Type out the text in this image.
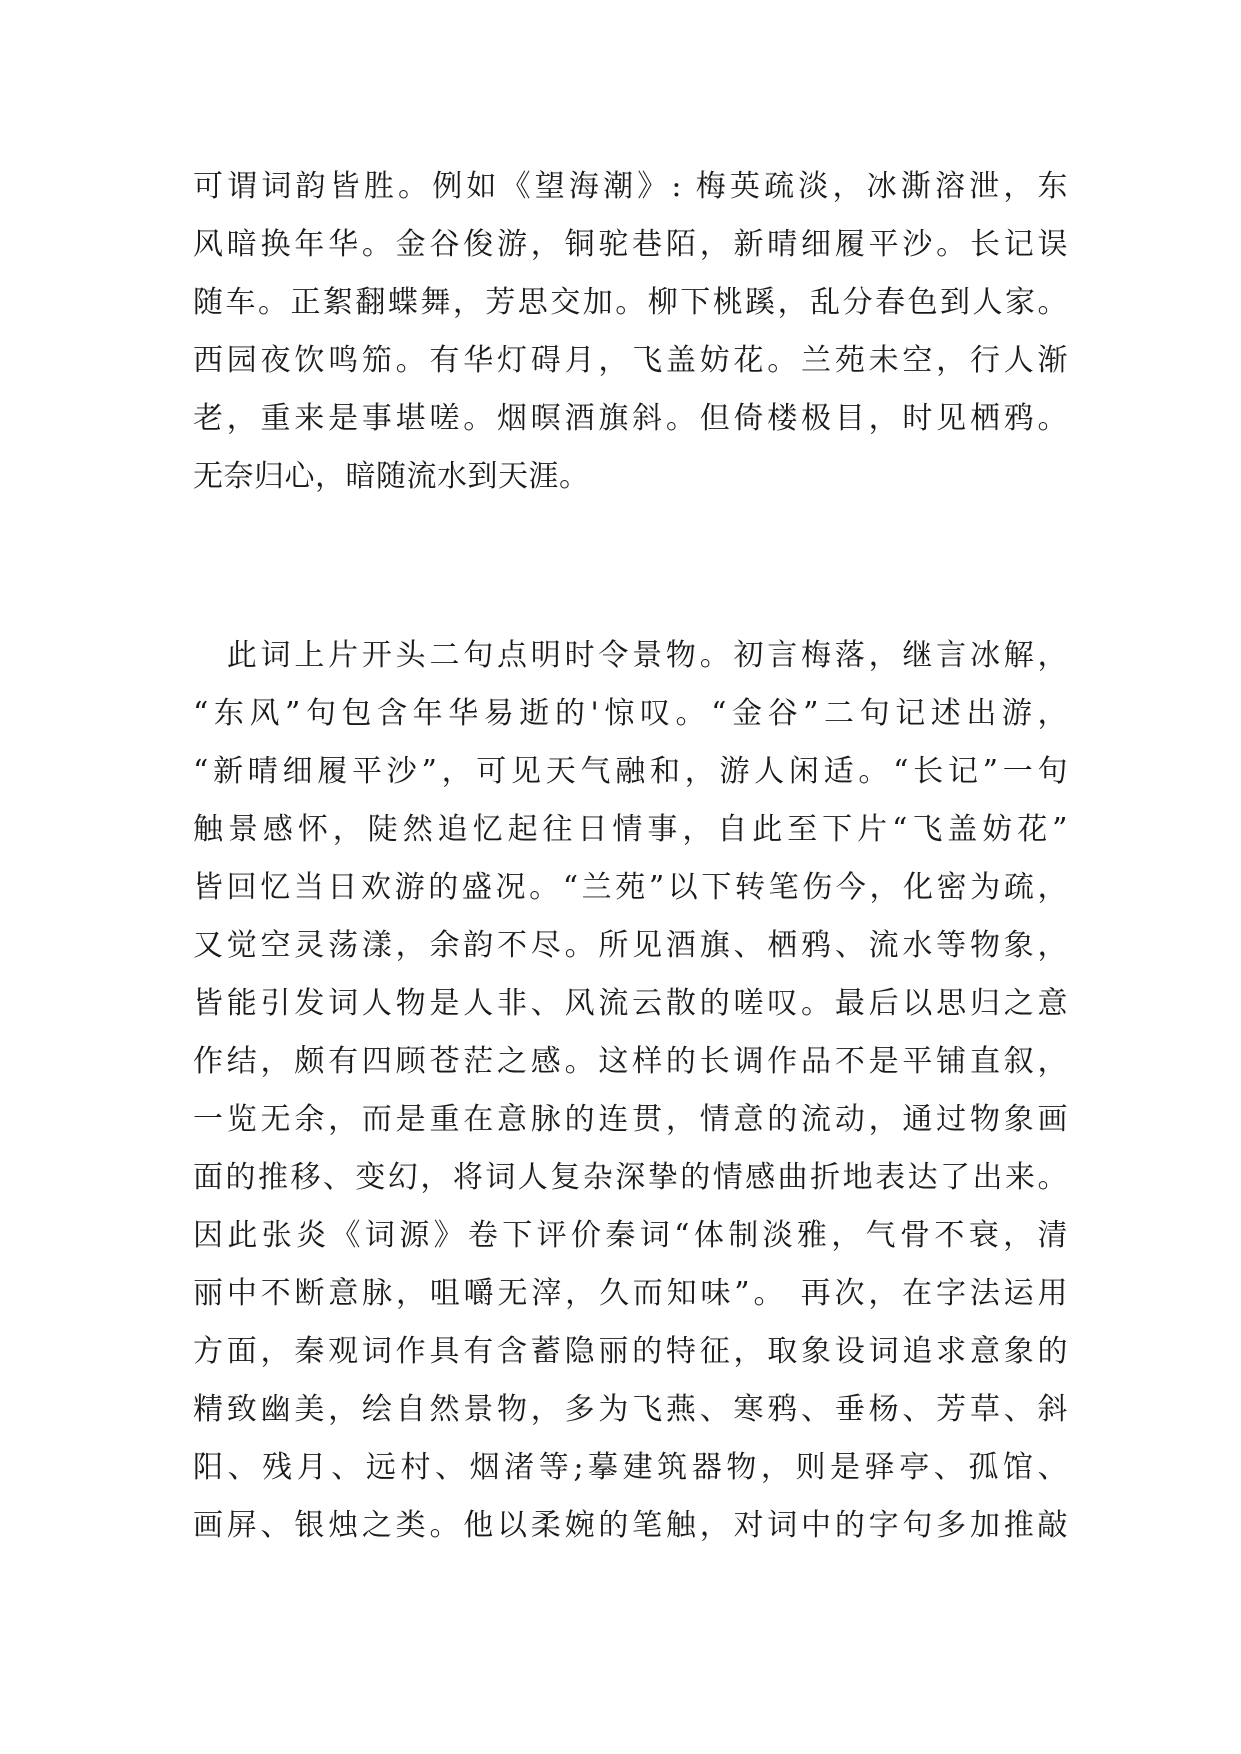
可谓词韵皆胜。例如《望海潮》: 梅英疏淡，冰澌溶泄，东
风暗换年华。金谷俊游，铜驼巷陌，新晴细履平沙。长记误
随车。正絮翻蝶舞，芳思交加。柳下桃蹊，乱分春色到人家。
西园夜饮鸣笳。有华灯碍月，飞盖妨花。兰苑未空，行人渐
老，重来是事堪嗟。烟暝酒旗斜。但倚楼极目，时见栖鸦。
无奈归心，暗随流水到天涯。
　此词上片开头二句点明时令景物。初言梅落，继言冰解，
“东风”句包含年华易逝的'惊叹。“金谷”二句记述出游，
“新晴细履平沙”，可见天气融和，游人闲适。“长记”一句
触景感怀，陡然追忆起往日情事，自此至下片“飞盖妨花”
皆回忆当日欢游的盛况。“兰苑”以下转笔伤今，化密为疏，
又觉空灵荡漾，余韵不尽。所见酒旗、栖鸦、流水等物象，
皆能引发词人物是人非、风流云散的嗟叹。最后以思归之意
作结，颇有四顾苍茫之感。这样的长调作品不是平铺直叙，
一览无余，而是重在意脉的连贯，情意的流动，通过物象画
面的推移、变幻，将词人复杂深挚的情感曲折地表达了出来。
因此张炎《词源》卷下评价秦词“体制淡雅，气骨不衰，清
丽中不断意脉，咀嚼无滓，久而知味”。 再次，在字法运用
方面，秦观词作具有含蓄隐丽的特征，取象设词追求意象的
精致幽美，绘自然景物，多为飞燕、寒鸦、垂杨、芳草、斜
阳、残月、远村、烟渚等;摹建筑器物，则是驿亭、孤馆、
画屏、银烛之类。他以柔婉的笔触，对词中的字句多加推敲
